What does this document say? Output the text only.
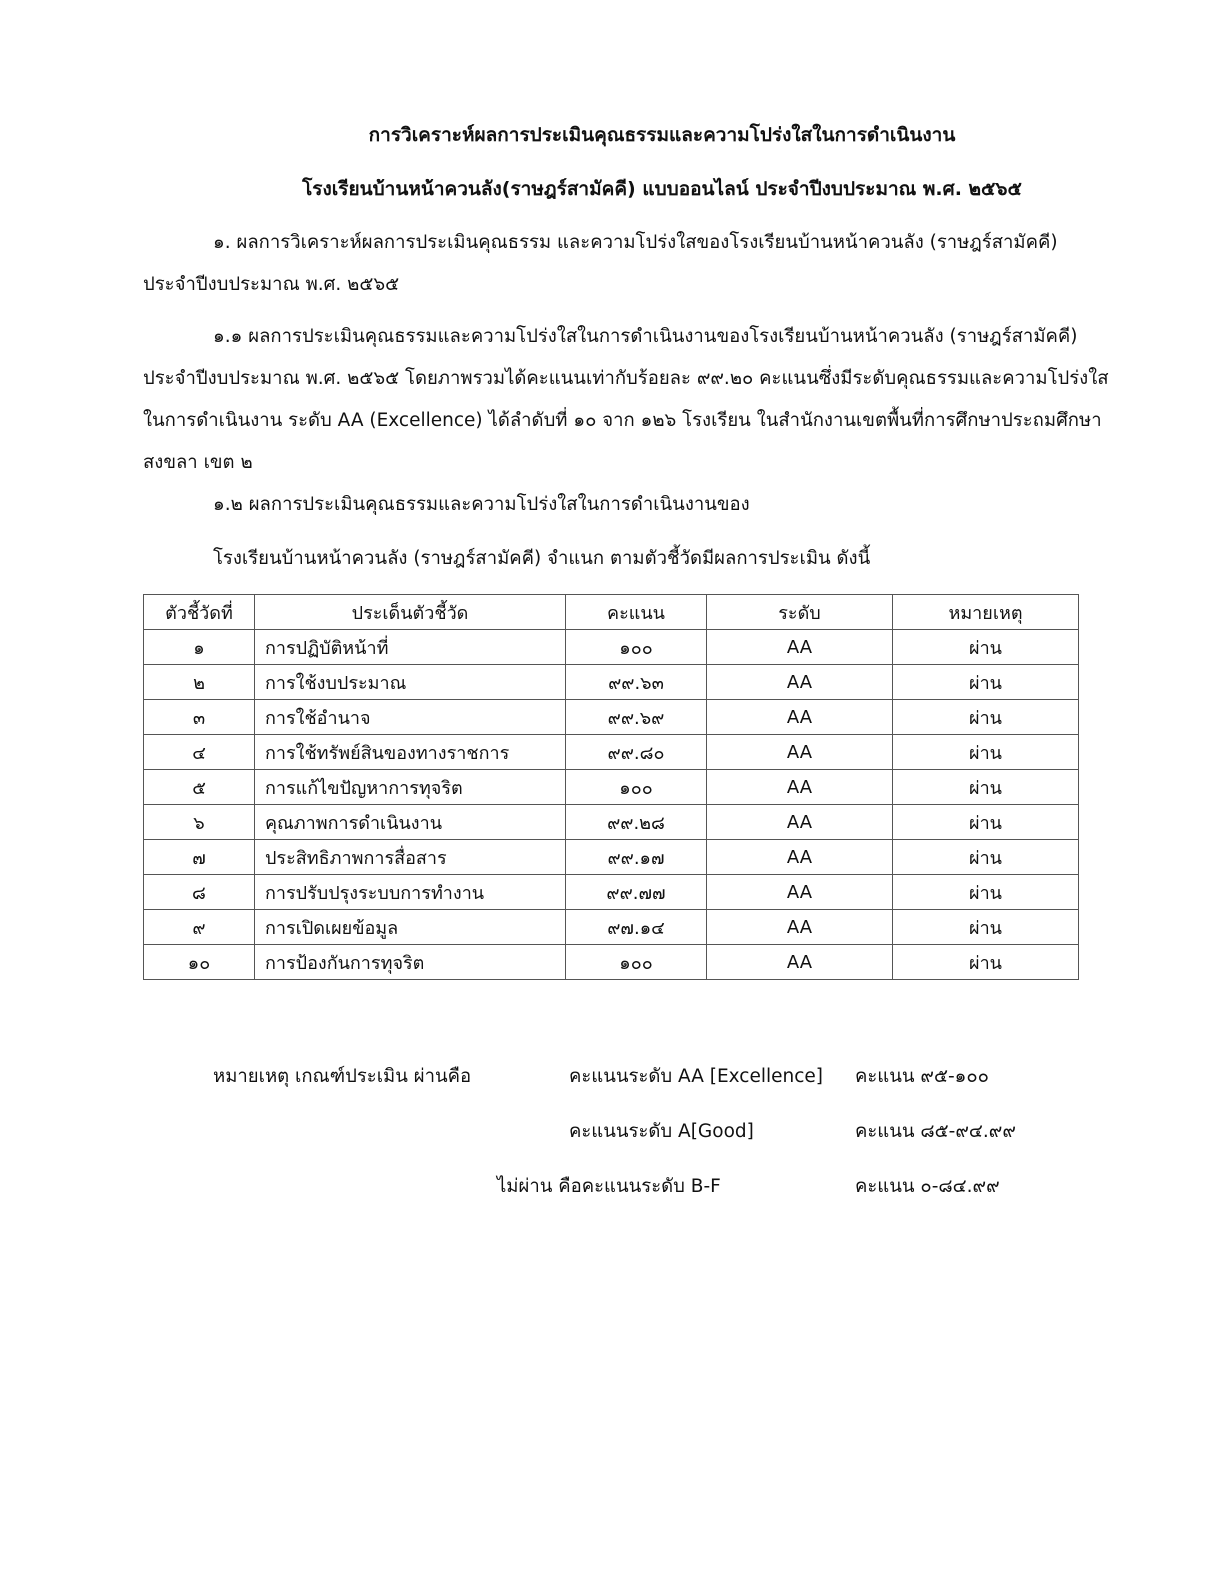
การวิเคราะห์ผลการประเมินคุณธรรมและความโปร่งใสในการดำเนินงาน
โรงเรียนบ้านหน้าควนลัง(ราษฎร์สามัคคี) แบบออนไลน์ ประจำปีงบประมาณ พ.ศ. ๒๕๖๕

๑. ผลการวิเคราะห์ผลการประเมินคุณธรรม และความโปร่งใสของโรงเรียนบ้านหน้าควนลัง (ราษฎร์สามัคคี) ประจำปีงบประมาณ พ.ศ. ๒๕๖๕

๑.๑ ผลการประเมินคุณธรรมและความโปร่งใสในการดำเนินงานของโรงเรียนบ้านหน้าควนลัง (ราษฎร์สามัคคี) ประจำปีงบประมาณ พ.ศ. ๒๕๖๕ โดยภาพรวมได้คะแนนเท่ากับร้อยละ ๙๙.๒๐ คะแนนซึ่งมีระดับคุณธรรมและความโปร่งใสในการดำเนินงาน ระดับ AA (Excellence) ได้ลำดับที่ ๑๐ จาก ๑๒๖ โรงเรียน ในสำนักงานเขตพื้นที่การศึกษาประถมศึกษาสงขลา เขต ๒

๑.๒ ผลการประเมินคุณธรรมและความโปร่งใสในการดำเนินงานของ

โรงเรียนบ้านหน้าควนลัง (ราษฎร์สามัคคี) จำแนก ตามตัวชี้วัดมีผลการประเมิน ดังนี้

ตัวชี้วัดที่	ประเด็นตัวชี้วัด	คะแนน	ระดับ	หมายเหตุ
๑	การปฏิบัติหน้าที่	๑๐๐	AA	ผ่าน
๒	การใช้งบประมาณ	๙๙.๖๓	AA	ผ่าน
๓	การใช้อำนาจ	๙๙.๖๙	AA	ผ่าน
๔	การใช้ทรัพย์สินของทางราชการ	๙๙.๘๐	AA	ผ่าน
๕	การแก้ไขปัญหาการทุจริต	๑๐๐	AA	ผ่าน
๖	คุณภาพการดำเนินงาน	๙๙.๒๘	AA	ผ่าน
๗	ประสิทธิภาพการสื่อสาร	๙๙.๑๗	AA	ผ่าน
๘	การปรับปรุงระบบการทำงาน	๙๙.๗๗	AA	ผ่าน
๙	การเปิดเผยข้อมูล	๙๗.๑๔	AA	ผ่าน
๑๐	การป้องกันการทุจริต	๑๐๐	AA	ผ่าน
หมายเหตุ เกณฑ์ประเมิน ผ่านคือ	คะแนนระดับ AA [Excellence] คะแนน ๙๕-๑๐๐
คะแนนระดับ A[Good]	คะแนน ๘๕-๙๔.๙๙
ไม่ผ่าน คือคะแนนระดับ B-F	คะแนน ๐-๘๔.๙๙
